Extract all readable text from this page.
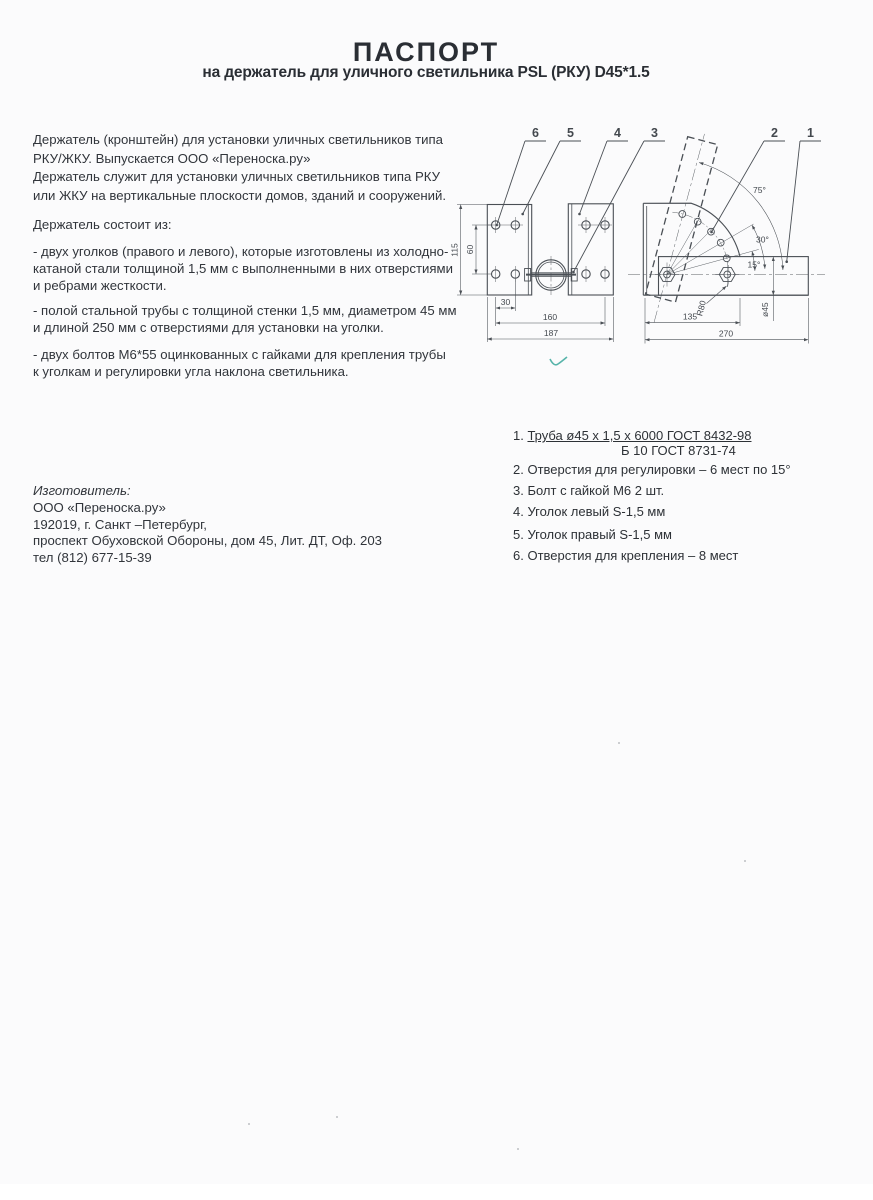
ПАСПОРТ
на держатель для уличного светильника PSL (РКУ) D45*1.5
Держатель (кронштейн) для установки уличных светильников типа
РКУ/ЖКУ. Выпускается ООО «Переноска.ру»
Держатель служит для установки уличных светильников типа РКУ
или ЖКУ на вертикальные плоскости домов, зданий и сооружений.
Держатель состоит из:
- двух уголков (правого и левого), которые изготовлены из холодно-
катаной стали толщиной 1,5 мм с выполненными в них отверстиями
и ребрами жесткости.
- полой стальной трубы с толщиной стенки 1,5 мм, диаметром 45 мм
и длиной 250 мм с отверстиями для установки на уголки.
- двух болтов М6*55 оцинкованных с гайками для крепления трубы
к уголкам и регулировки угла наклона светильника.
Изготовитель:
ООО «Переноска.ру»
192019, г. Санкт –Петербург,
проспект Обуховской Обороны, дом 45, Лит. ДТ, Оф. 203
тел (812) 677-15-39
1. Труба ø45 х 1,5 х 6000 ГОСТ 8432-98
Б 10 ГОСТ 8731-74
2. Отверстия для регулировки – 6 мест по 15°
3. Болт с гайкой М6 2 шт.
4. Уголок левый S-1,5 мм
5. Уголок правый S-1,5 мм
6. Отверстия для крепления – 8 мест
115 60
30
160
187
75°
30°
15°
R80
135
270
ø45
6 5	4 3	2 1
